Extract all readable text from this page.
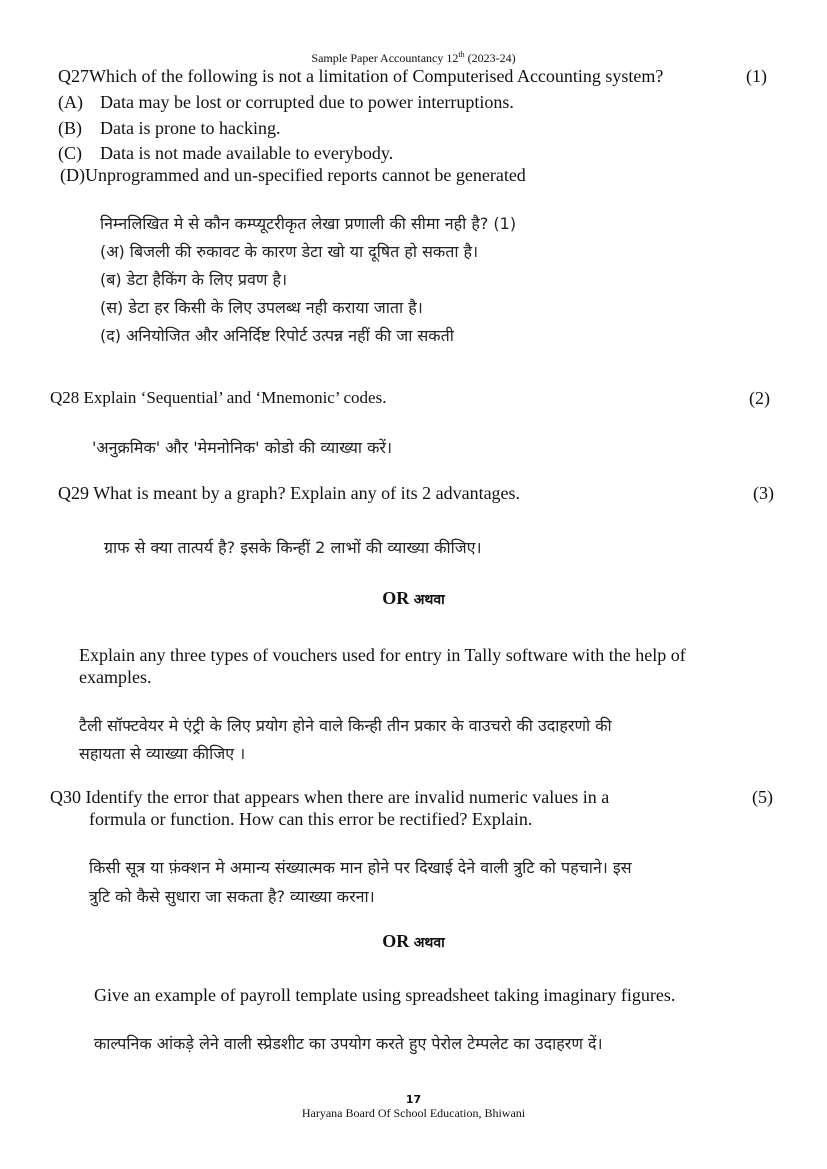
Sample Paper Accountancy 12th (2023-24)
Q27Which of the following is not a limitation of Computerised Accounting system?	(1)
(A) Data may be lost or corrupted due to power interruptions.
(B) Data is prone to hacking.
(C) Data is not made available to everybody.
(D)Unprogrammed and un-specified reports cannot be generated
निम्नलिखित मे से कौन कम्प्यूटरीकृत लेखा प्रणाली की सीमा नही है? (1)
(अ) बिजली की रुकावट के कारण डेटा खो या दूषित हो सकता है।
(ब) डेटा हैकिंग के लिए प्रवण है।
(स) डेटा हर किसी के लिए उपलब्ध नही कराया जाता है।
(द) अनियोजित और अनिर्दिष्ट रिपोर्ट उत्पन्न नहीं की जा सकती
Q28 Explain ‘Sequential’ and ‘Mnemonic’ codes.	(2)
'अनुक्रमिक' और 'मेमनोनिक' कोडो की व्याख्या करें।
Q29 What is meant by a graph? Explain any of its 2 advantages.	(3)
ग्राफ से क्या तात्पर्य है? इसके किन्हीं 2 लाभों की व्याख्या कीजिए।
OR अथवा
Explain any three types of vouchers used for entry in Tally software with the help of
examples.
टैली सॉफ्टवेयर मे एंट्री के लिए प्रयोग होने वाले किन्ही तीन प्रकार के वाउचरो की उदाहरणो की
सहायता से व्याख्या कीजिए ।
Q30 Identify the error that appears when there are invalid numeric values in a
formula or function. How can this error be rectified? Explain.
(5)
किसी सूत्र या फ़ंक्शन मे अमान्य संख्यात्मक मान होने पर दिखाई देने वाली त्रुटि को पहचाने। इस
त्रुटि को कैसे सुधारा जा सकता है? व्याख्या करना।
OR अथवा
Give an example of payroll template using spreadsheet taking imaginary figures.
काल्पनिक आंकड़े लेने वाली स्प्रेडशीट का उपयोग करते हुए पेरोल टेम्पलेट का उदाहरण दें।
17
Haryana Board Of School Education, Bhiwani
